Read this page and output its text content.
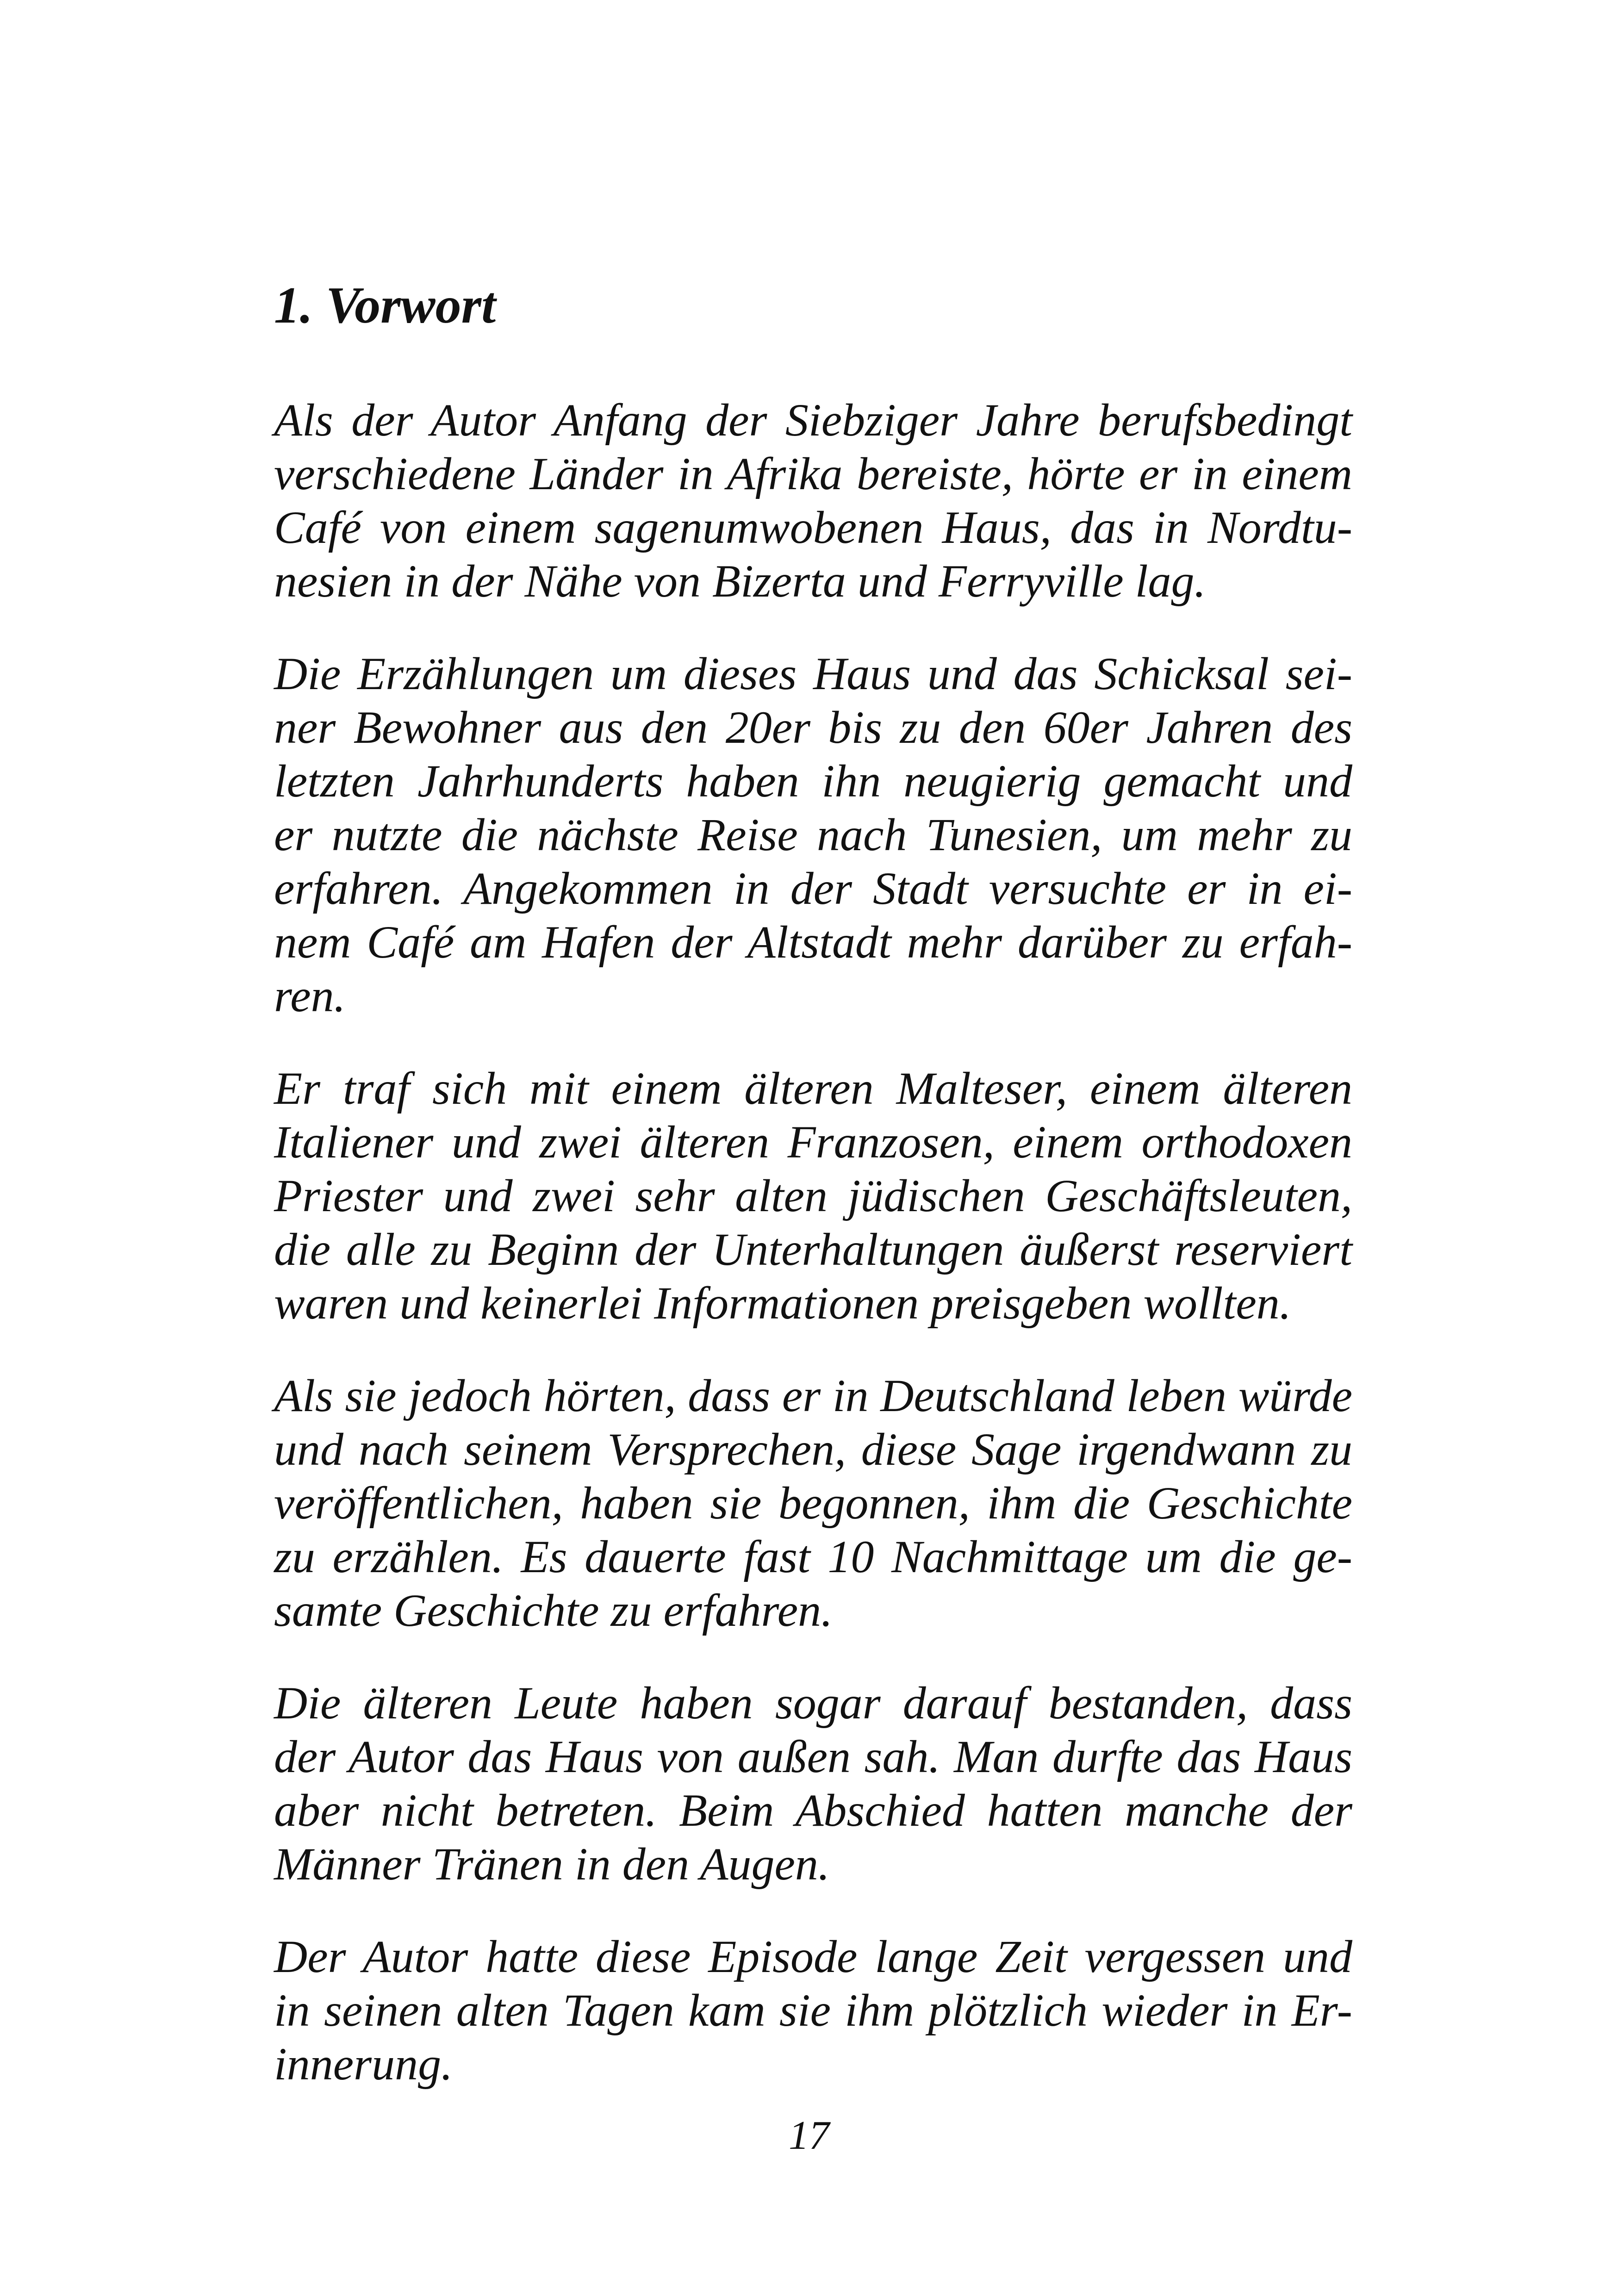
1. Vorwort

Als der Autor Anfang der Siebziger Jahre berufsbedingt
verschiedene Länder in Afrika bereiste, hörte er in einem
Café von einem sagenumwobenen Haus, das in Nordtu-
nesien in der Nähe von Bizerta und Ferryville lag.

Die Erzählungen um dieses Haus und das Schicksal sei-
ner Bewohner aus den 20er bis zu den 60er Jahren des
letzten Jahrhunderts haben ihn neugierig gemacht und
er nutzte die nächste Reise nach Tunesien, um mehr zu
erfahren. Angekommen in der Stadt versuchte er in ei-
nem Café am Hafen der Altstadt mehr darüber zu erfah-
ren.

Er traf sich mit einem älteren Malteser, einem älteren
Italiener und zwei älteren Franzosen, einem orthodoxen
Priester und zwei sehr alten jüdischen Geschäftsleuten,
die alle zu Beginn der Unterhaltungen äußerst reserviert
waren und keinerlei Informationen preisgeben wollten.

Als sie jedoch hörten, dass er in Deutschland leben würde
und nach seinem Versprechen, diese Sage irgendwann zu
veröffentlichen, haben sie begonnen, ihm die Geschichte
zu erzählen. Es dauerte fast 10 Nachmittage um die ge-
samte Geschichte zu erfahren.

Die älteren Leute haben sogar darauf bestanden, dass
der Autor das Haus von außen sah. Man durfte das Haus
aber nicht betreten. Beim Abschied hatten manche der
Männer Tränen in den Augen.

Der Autor hatte diese Episode lange Zeit vergessen und
in seinen alten Tagen kam sie ihm plötzlich wieder in Er-
innerung.

17
